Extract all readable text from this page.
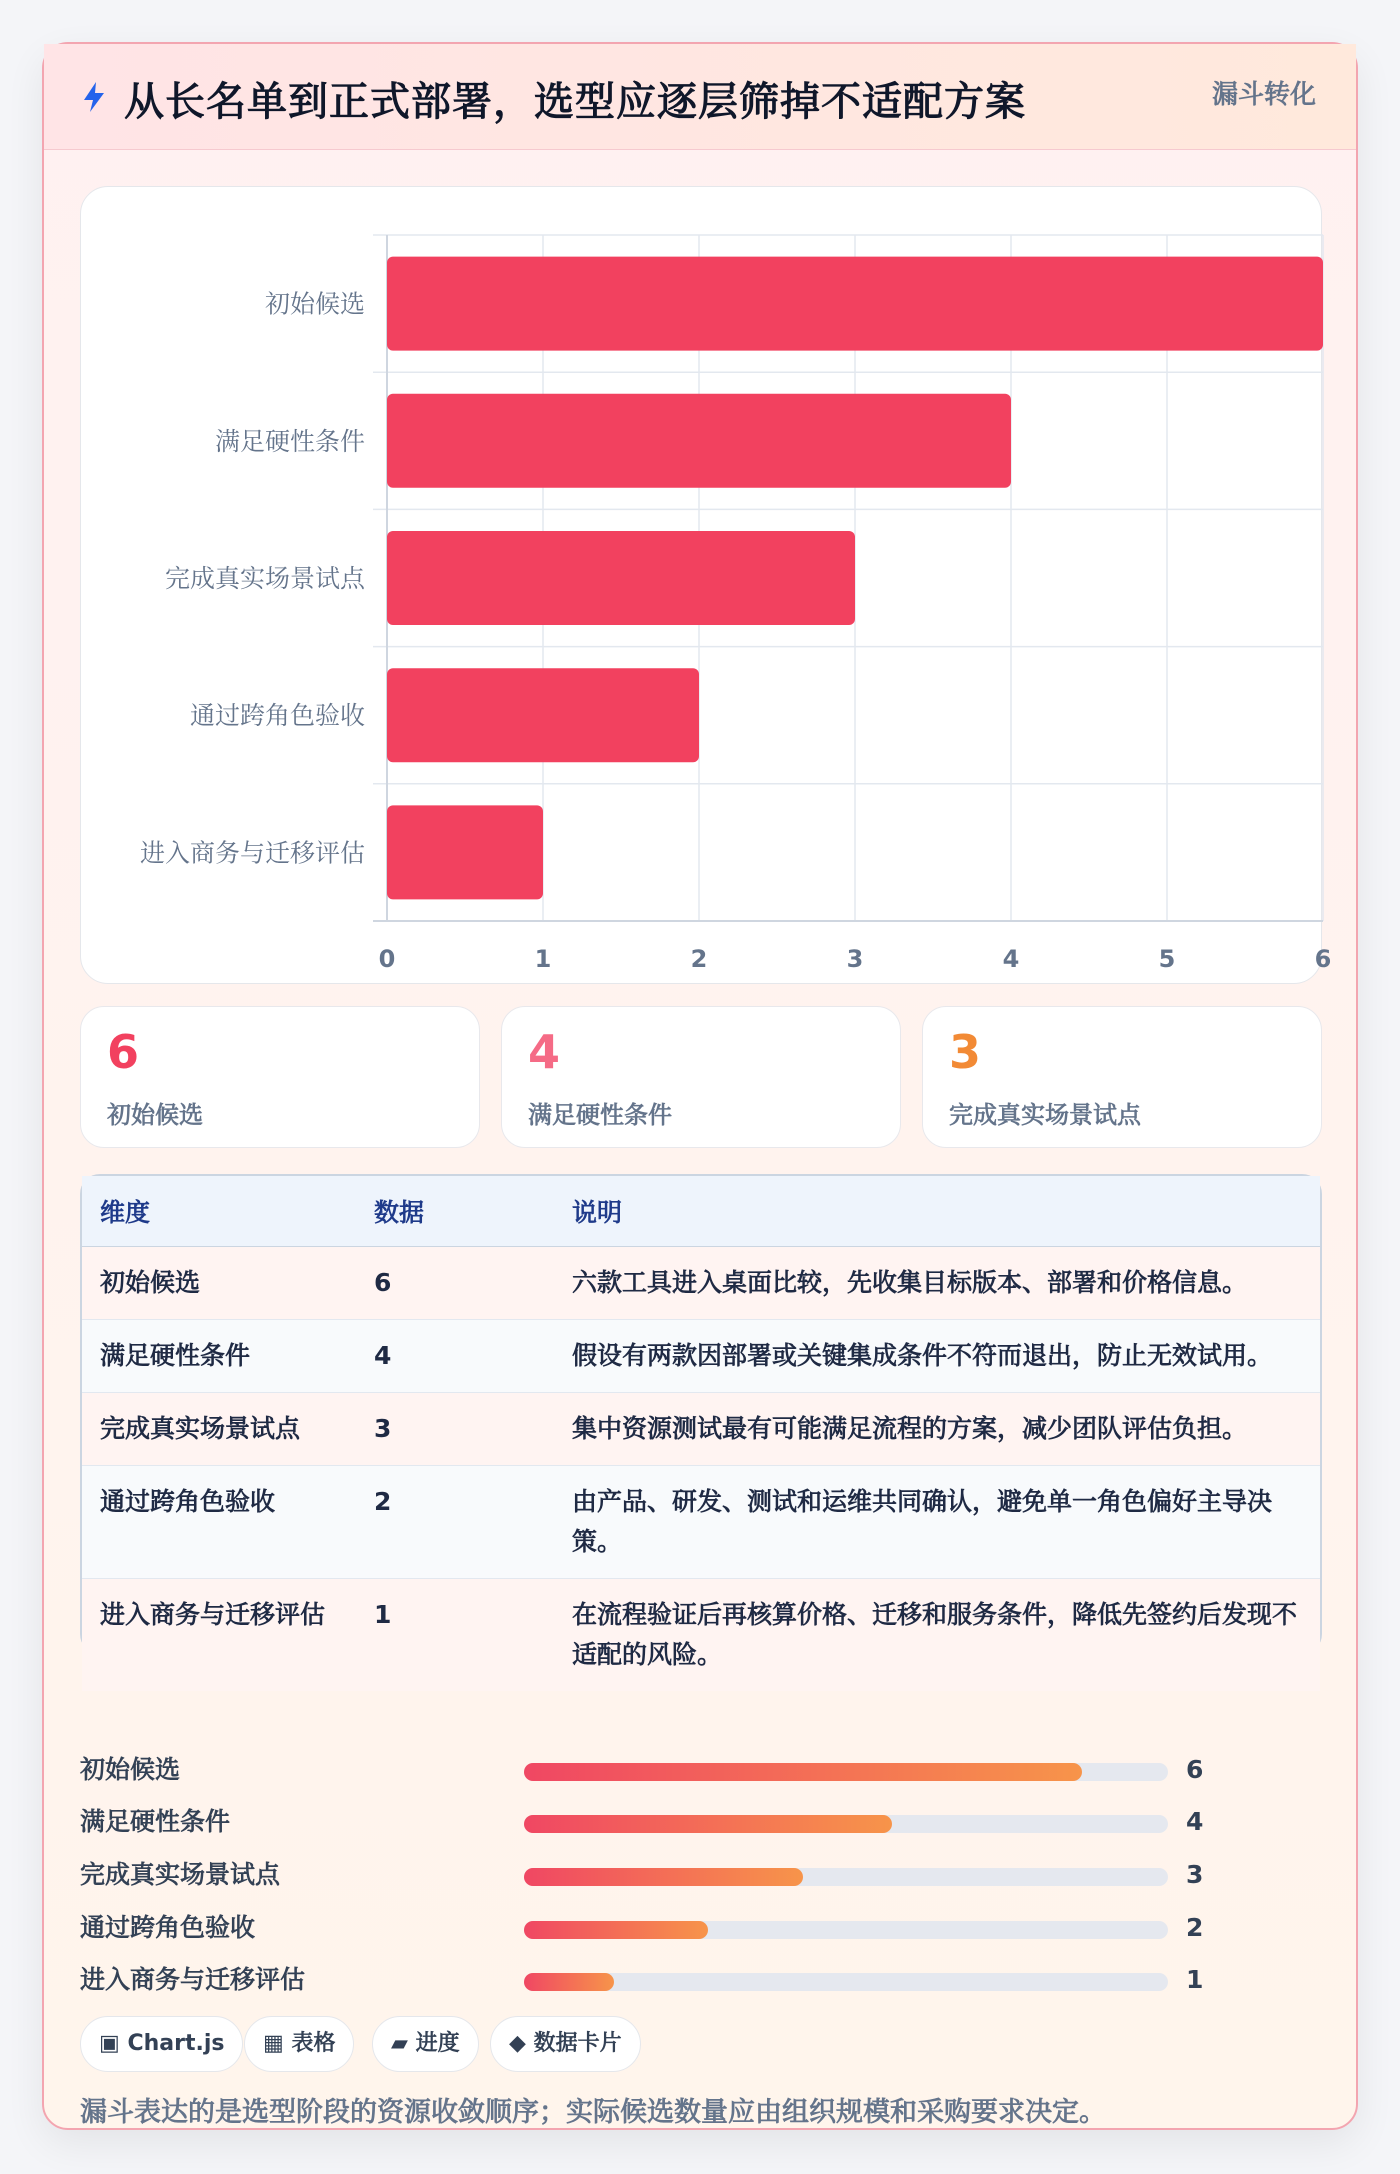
从长名单到正式部署，选型应逐层筛掉不适配方案	漏斗转化
初始候选
满足硬性条件
完成真实场景试点
通过跨角色验收
进入商务与迁移评估
0	1	2	3	4	5	6
6
初始候选
4
满足硬性条件
3
完成真实场景试点
维度	数据	说明
初始候选	6	六款工具进入桌面比较，先收集目标版本、部署和价格信息。
满足硬性条件	4	假设有两款因部署或关键集成条件不符而退出，防止无效试用。
完成真实场景试点	3	集中资源测试最有可能满足流程的方案，减少团队评估负担。
通过跨角色验收	2	由产品、研发、测试和运维共同确认，避免单一角色偏好主导决策。
进入商务与迁移评估	1	在流程验证后再核算价格、迁移和服务条件，降低先签约后发现不适配的风险。
初始候选	6
满足硬性条件	4
完成真实场景试点	3
通过跨角色验收	2
进入商务与迁移评估	1
▣ Chart.js	▦ 表格	▰ 进度	◆ 数据卡片
漏斗表达的是选型阶段的资源收敛顺序；实际候选数量应由组织规模和采购要求决定。
